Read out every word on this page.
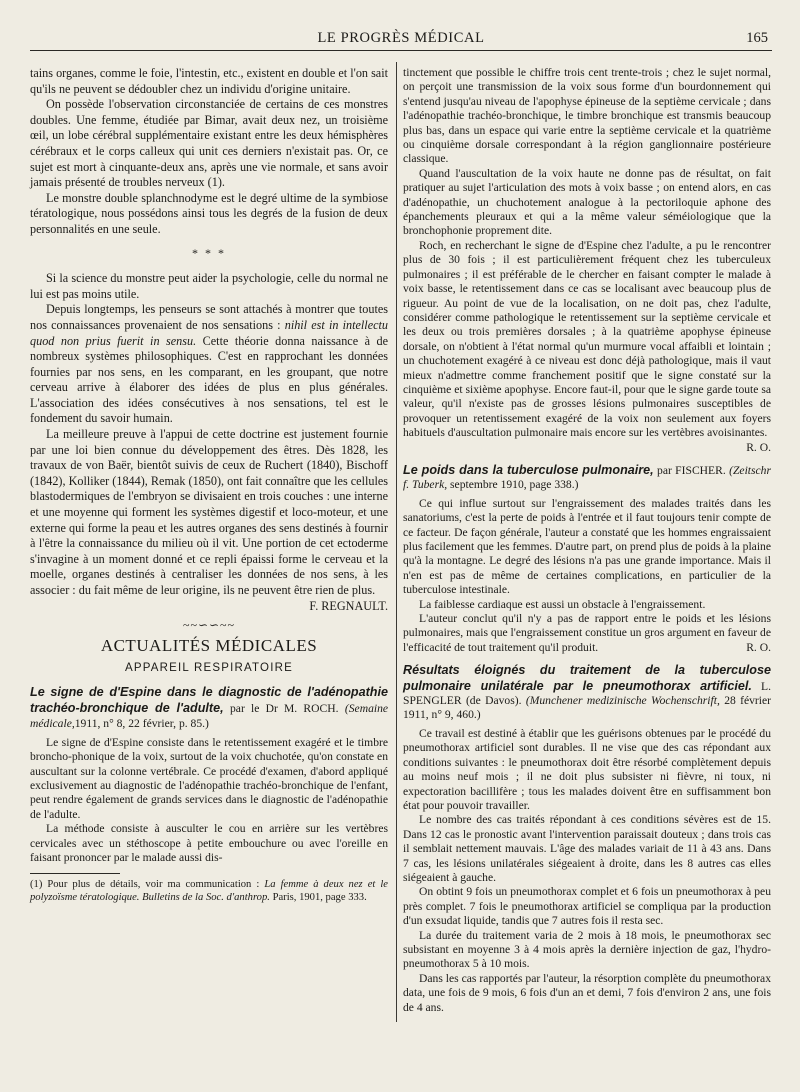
LE PROGRÈS MÉDICAL	165

tains organes, comme le foie, l'intestin, etc., existent en double et l'on sait qu'ils ne peuvent se dédoubler chez un individu d'origine unitaire.

On possède l'observation circonstanciée de certains de ces monstres doubles. Une femme, étudiée par Bimar, avait deux nez, un troisième œil, un lobe cérébral supplémentaire existant entre les deux hémisphères cérébraux et le corps calleux qui unit ces derniers n'existait pas. Or, ce sujet est mort à cinquante-deux ans, après une vie normale, et sans avoir jamais présenté de troubles nerveux (1).

Le monstre double splanchnodyme est le degré ultime de la symbiose tératologique, nous possédons ainsi tous les degrés de la fusion de deux personnalités en une seule.

* * *

Si la science du monstre peut aider la psychologie, celle du normal ne lui est pas moins utile.

Depuis longtemps, les penseurs se sont attachés à montrer que toutes nos connaissances provenaient de nos sensations : nihil est in intellectu quod non prius fuerit in sensu. Cette théorie donna naissance à de nombreux systèmes philosophiques. C'est en rapprochant les données fournies par nos sens, en les comparant, en les groupant, que notre cerveau arrive à élaborer des idées de plus en plus générales. L'association des idées consécutives à nos sensations, tel est le fondement du savoir humain.

La meilleure preuve à l'appui de cette doctrine est justement fournie par une loi bien connue du développement des êtres. Dès 1828, les travaux de von Baër, bientôt suivis de ceux de Ruchert (1840), Bischoff (1842), Kolliker (1844), Remak (1850), ont fait connaître que les cellules blastodermiques de l'embryon se divisaient en trois couches : une interne et une moyenne qui forment les systèmes digestif et loco-moteur, et une externe qui forme la peau et les autres organes des sens destinés à fournir à l'être la connaissance du milieu où il vit. Une portion de cet ectoderme s'invagine à un moment donné et ce repli épaissi forme le cerveau et la moelle, organes destinés à centraliser les données de nos sens, à les associer : du fait même de leur origine, ils ne peuvent être rien de plus.
F. REGNAULT.

~~∽∽~~
ACTUALITÉS MÉDICALES
APPAREIL RESPIRATOIRE

Le signe de d'Espine dans le diagnostic de l'adénopathie trachéo-bronchique de l'adulte, par le Dr M. ROCH. (Semaine médicale,1911, n° 8, 22 février, p. 85.)

Le signe de d'Espine consiste dans le retentissement exagéré et le timbre broncho-phonique de la voix, surtout de la voix chuchotée, qu'on constate en auscultant sur la colonne vertébrale. Ce procédé d'examen, d'abord appliqué exclusivement au diagnostic de l'adénopathie trachéo-bronchique de l'enfant, peut rendre également de grands services dans le diagnostic de l'adénopathie de l'adulte.

La méthode consiste à ausculter le cou en arrière sur les vertèbres cervicales avec un stéthoscope à petite embouchure ou avec l'oreille en faisant prononcer par le malade aussi dis-

(1) Pour plus de détails, voir ma communication : La femme à deux nez et le polyzoïsme tératologique. Bulletins de la Soc. d'anthrop. Paris, 1901, page 333.

tinctement que possible le chiffre trois cent trente-trois ; chez le sujet normal, on perçoit une transmission de la voix sous forme d'un bourdonnement qui s'entend jusqu'au niveau de l'apophyse épineuse de la septième cervicale ; dans l'adénopathie trachéo-bronchique, le timbre bronchique est transmis beaucoup plus bas, dans un espace qui varie entre la septième cervicale et la quatrième ou cinquième dorsale correspondant à la région ganglionnaire postérieure classique.

Quand l'auscultation de la voix haute ne donne pas de résultat, on fait pratiquer au sujet l'articulation des mots à voix basse ; on entend alors, en cas d'adénopathie, un chuchotement analogue à la pectoriloquie aphone des épanchements pleuraux et qui a la même valeur séméiologique que la bronchophonie proprement dite.

Roch, en recherchant le signe de d'Espine chez l'adulte, a pu le rencontrer plus de 30 fois ; il est particulièrement fréquent chez les tuberculeux pulmonaires ; il est préférable de le chercher en faisant compter le malade à voix basse, le retentissement dans ce cas se localisant avec beaucoup plus de rigueur. Au point de vue de la localisation, on ne doit pas, chez l'adulte, considérer comme pathologique le retentissement sur la septième cervicale et les deux ou trois premières dorsales ; à la quatrième apophyse épineuse dorsale, on n'obtient à l'état normal qu'un murmure vocal affaibli et lointain ; un chuchotement exagéré à ce niveau est donc déjà pathologique, mais il vaut mieux n'admettre comme franchement positif que le signe constaté sur la cinquième et sixième apophyse. Encore faut-il, pour que le signe garde toute sa valeur, qu'il n'existe pas de grosses lésions pulmonaires susceptibles de provoquer un retentissement exagéré de la voix non seulement aux foyers habituels d'auscultation pulmonaire mais encore sur les vertèbres avoisinantes.
R. O.

Le poids dans la tuberculose pulmonaire, par FISCHER. (Zeitschr f. Tuberk, septembre 1910, page 338.)

Ce qui influe surtout sur l'engraissement des malades traités dans les sanatoriums, c'est la perte de poids à l'entrée et il faut toujours tenir compte de ce facteur. De façon générale, l'auteur a constaté que les hommes engraissaient plus facilement que les femmes. D'autre part, on prend plus de poids à la plaine qu'à la montagne. Le degré des lésions n'a pas une grande importance. Mais il n'en est pas de même de certaines complications, en particulier de la tuberculose intestinale.

La faiblesse cardiaque est aussi un obstacle à l'engraissement.

L'auteur conclut qu'il n'y a pas de rapport entre le poids et les lésions pulmonaires, mais que l'engraissement constitue un gros argument en faveur de l'efficacité de tout traitement qu'il produit.	R. O.

Résultats éloignés du traitement de la tuberculose pulmonaire unilatérale par le pneumothorax artificiel. L. SPENGLER (de Davos). (Munchener medizinische Wochenschrift, 28 février 1911, n° 9, 460.)

Ce travail est destiné à établir que les guérisons obtenues par le procédé du pneumothorax artificiel sont durables. Il ne vise que des cas répondant aux conditions suivantes : le pneumothorax doit être résorbé complètement depuis au moins neuf mois ; il ne doit plus subsister ni fièvre, ni toux, ni expectoration bacillifère ; tous les malades doivent être en suffisamment bon état pour pouvoir travailler.

Le nombre des cas traités répondant à ces conditions sévères est de 15. Dans 12 cas le pronostic avant l'intervention paraissait douteux ; dans trois cas il semblait nettement mauvais. L'âge des malades variait de 11 à 43 ans. Dans 7 cas, les lésions unilatérales siégeaient à droite, dans les 8 autres cas elles siégeaient à gauche.

On obtint 9 fois un pneumothorax complet et 6 fois un pneumothorax à peu près complet. 7 fois le pneumothorax artificiel se compliqua par la production d'un exsudat liquide, tandis que 7 autres fois il resta sec.

La durée du traitement varia de 2 mois à 18 mois, le pneumothorax sec subsistant en moyenne 3 à 4 mois après la dernière injection de gaz, l'hydro-pneumothorax 5 à 10 mois.

Dans les cas rapportés par l'auteur, la résorption complète du pneumothorax data, une fois de 9 mois, 6 fois d'un an et demi, 7 fois d'environ 2 ans, une fois de 4 ans.
